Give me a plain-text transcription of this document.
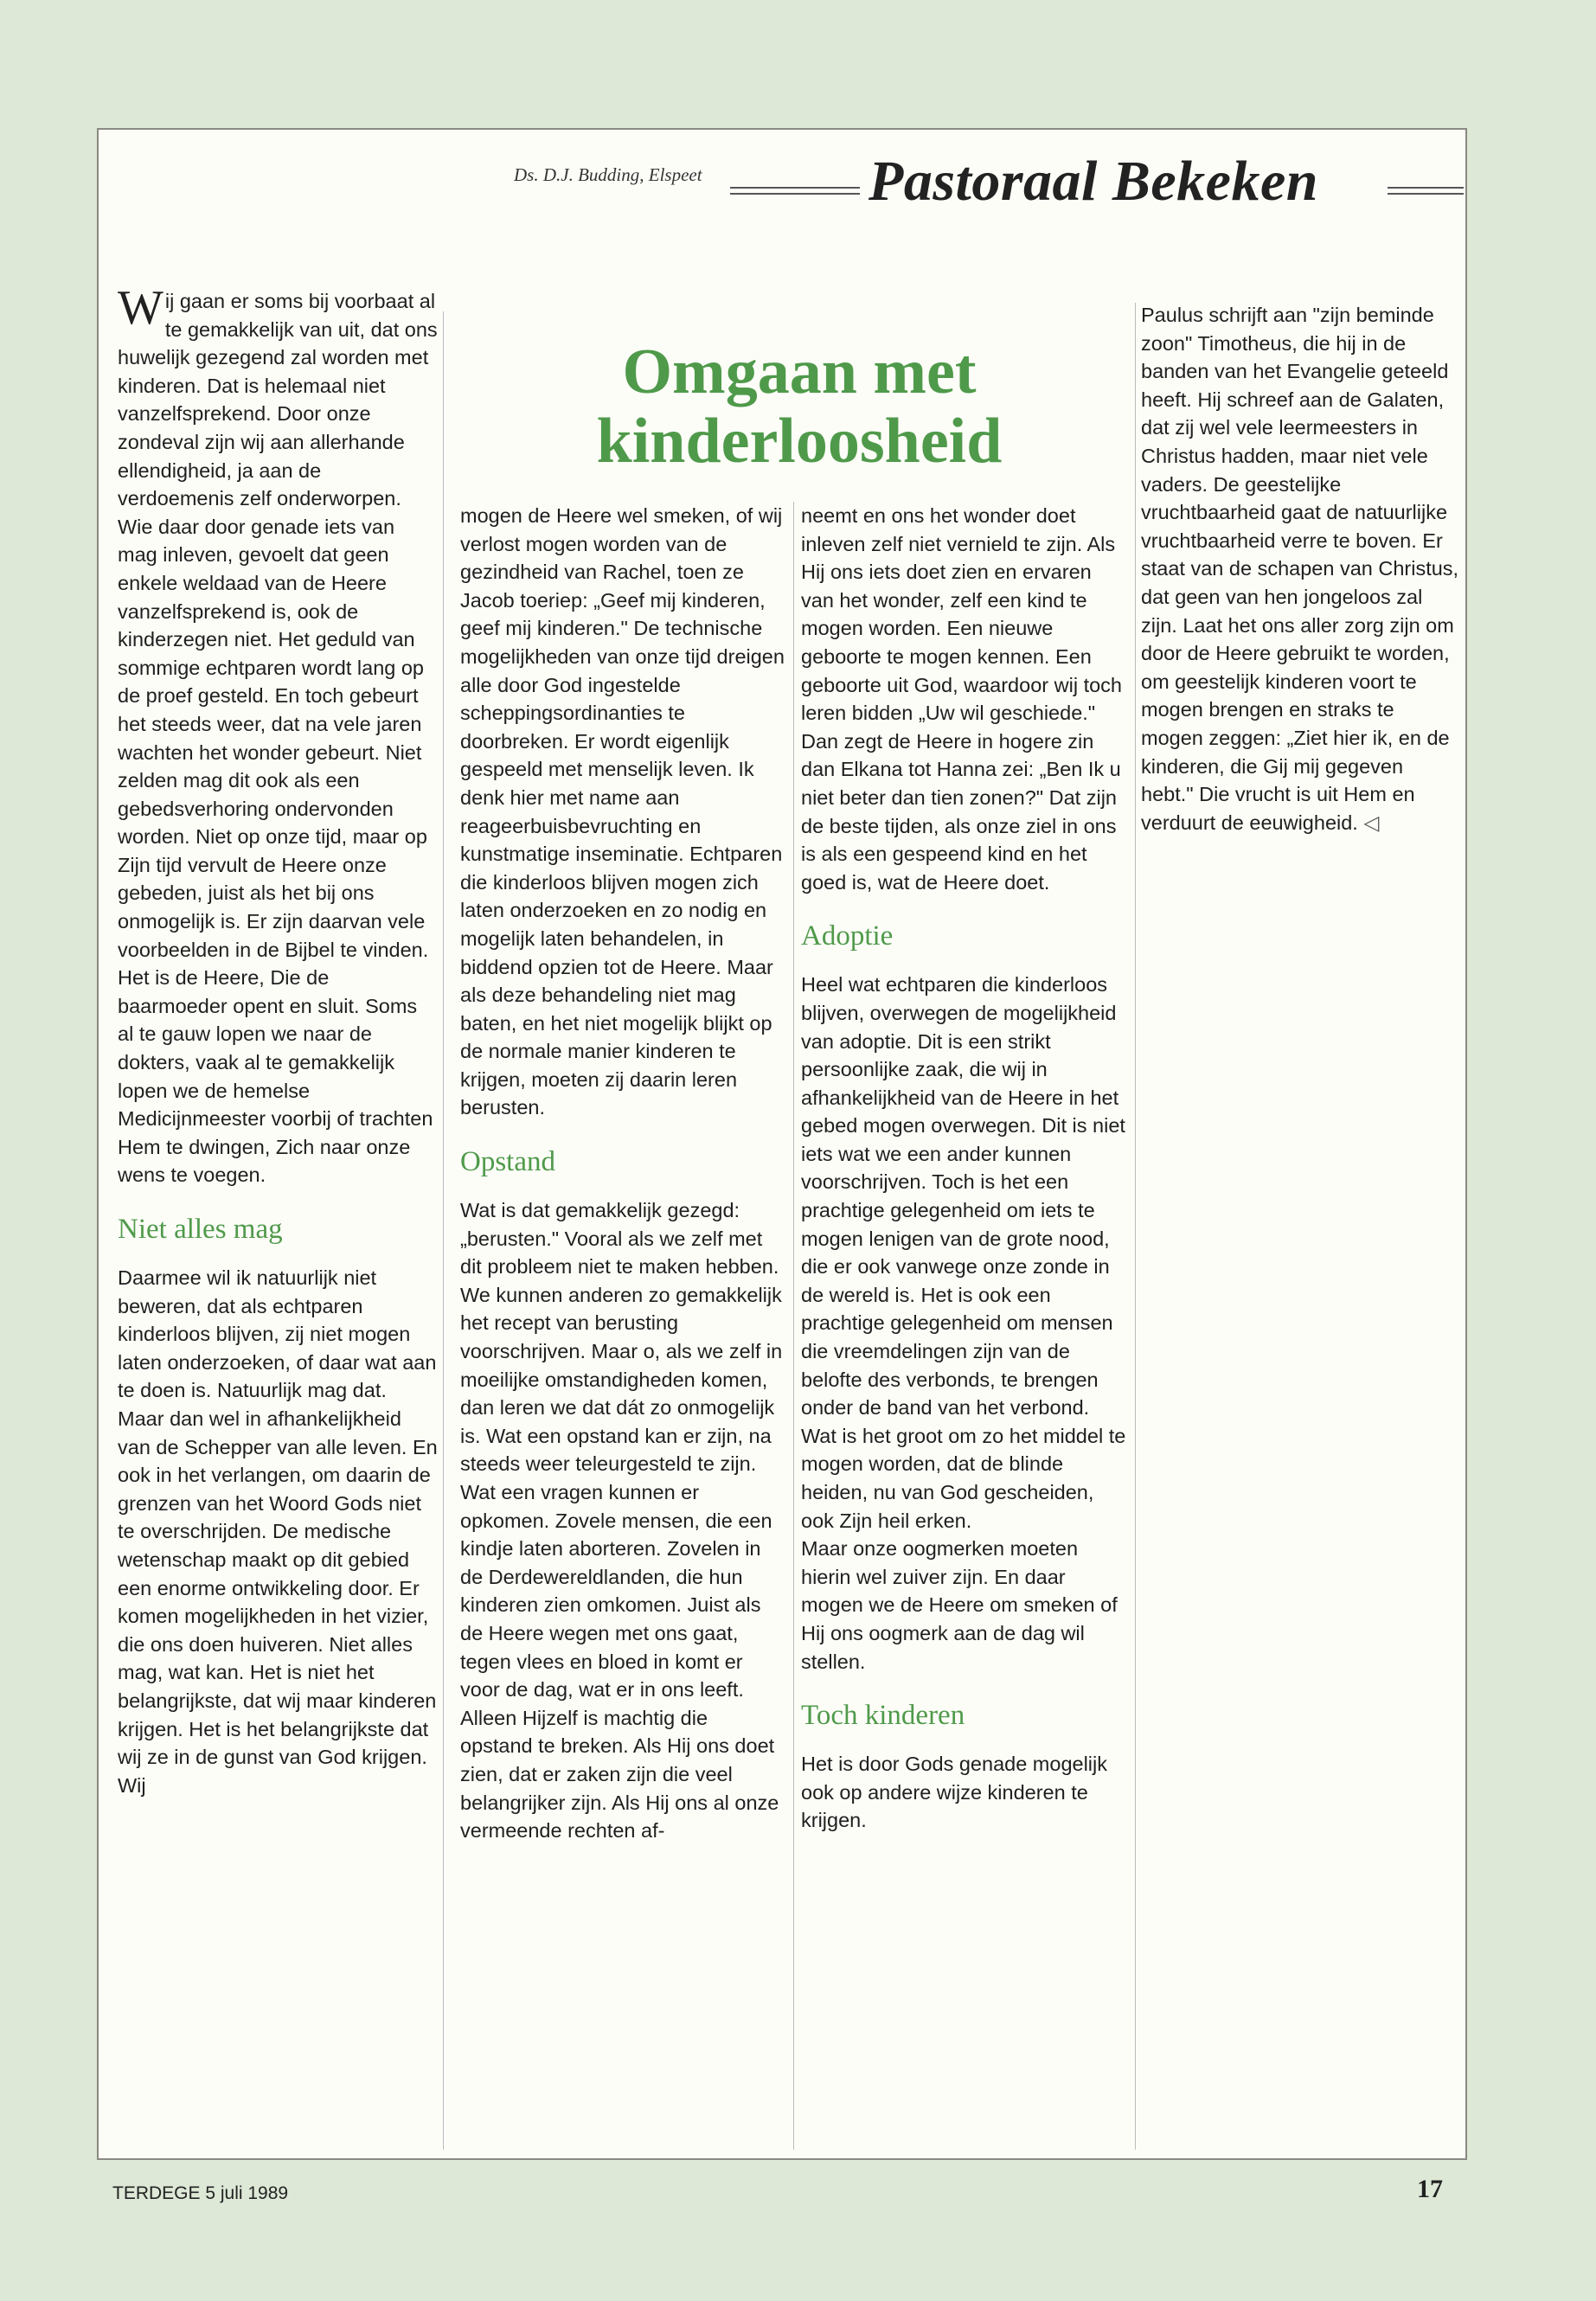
Ds. D.J. Budding, Elspeet	Pastoraal Bekeken
Omgaan met kinderloosheid

Wij gaan er soms bij voorbaat al te gemakkelijk van uit, dat ons huwelijk gezegend zal worden met kinderen. Dat is helemaal niet vanzelfsprekend. Door onze zondeval zijn wij aan allerhande ellendigheid, ja aan de verdoemenis zelf onderworpen. Wie daar door genade iets van mag inleven, gevoelt dat geen enkele weldaad van de Heere vanzelfsprekend is, ook de kinderzegen niet. Het geduld van sommige echtparen wordt lang op de proef gesteld. En toch gebeurt het steeds weer, dat na vele jaren wachten het wonder gebeurt. Niet zelden mag dit ook als een gebedsverhoring ondervonden worden. Niet op onze tijd, maar op Zijn tijd vervult de Heere onze gebeden, juist als het bij ons onmogelijk is. Er zijn daarvan vele voorbeelden in de Bijbel te vinden. Het is de Heere, Die de baarmoeder opent en sluit. Soms al te gauw lopen we naar de dokters, vaak al te gemakkelijk lopen we de hemelse Medicijnmeester voorbij of trachten Hem te dwingen, Zich naar onze wens te voegen.

Niet alles mag

Daarmee wil ik natuurlijk niet beweren, dat als echtparen kinderloos blijven, zij niet mogen laten onderzoeken, of daar wat aan te doen is. Natuurlijk mag dat. Maar dan wel in afhankelijkheid van de Schepper van alle leven. En ook in het verlangen, om daarin de grenzen van het Woord Gods niet te overschrijden. De medische wetenschap maakt op dit gebied een enorme ontwikkeling door. Er komen mogelijkheden in het vizier, die ons doen huiveren. Niet alles mag, wat kan. Het is niet het belangrijkste, dat wij maar kinderen krijgen. Het is het belangrijkste dat wij ze in de gunst van God krijgen. Wij

mogen de Heere wel smeken, of wij verlost mogen worden van de gezindheid van Rachel, toen ze Jacob toeriep: „Geef mij kinderen, geef mij kinderen." De technische mogelijkheden van onze tijd dreigen alle door God ingestelde scheppingsordinanties te doorbreken. Er wordt eigenlijk gespeeld met menselijk leven. Ik denk hier met name aan reageerbuisbevruchting en kunstmatige inseminatie. Echtparen die kinderloos blijven mogen zich laten onderzoeken en zo nodig en mogelijk laten behandelen, in biddend opzien tot de Heere. Maar als deze behandeling niet mag baten, en het niet mogelijk blijkt op de normale manier kinderen te krijgen, moeten zij daarin leren berusten.

Opstand

Wat is dat gemakkelijk gezegd: „berusten." Vooral als we zelf met dit probleem niet te maken hebben. We kunnen anderen zo gemakkelijk het recept van berusting voorschrijven. Maar o, als we zelf in moeilijke omstandigheden komen, dan leren we dat dát zo onmogelijk is. Wat een opstand kan er zijn, na steeds weer teleurgesteld te zijn. Wat een vragen kunnen er opkomen. Zovele mensen, die een kindje laten aborteren. Zovelen in de Derdewereldlanden, die hun kinderen zien omkomen. Juist als de Heere wegen met ons gaat, tegen vlees en bloed in komt er voor de dag, wat er in ons leeft. Alleen Hijzelf is machtig die opstand te breken. Als Hij ons doet zien, dat er zaken zijn die veel belangrijker zijn. Als Hij ons al onze vermeende rechten af-

neemt en ons het wonder doet inleven zelf niet vernield te zijn. Als Hij ons iets doet zien en ervaren van het wonder, zelf een kind te mogen worden. Een nieuwe geboorte te mogen kennen. Een geboorte uit God, waardoor wij toch leren bidden „Uw wil geschiede." Dan zegt de Heere in hogere zin dan Elkana tot Hanna zei: „Ben Ik u niet beter dan tien zonen?" Dat zijn de beste tijden, als onze ziel in ons is als een gespeend kind en het goed is, wat de Heere doet.

Adoptie

Heel wat echtparen die kinderloos blijven, overwegen de mogelijkheid van adoptie. Dit is een strikt persoonlijke zaak, die wij in afhankelijkheid van de Heere in het gebed mogen overwegen. Dit is niet iets wat we een ander kunnen voorschrijven. Toch is het een prachtige gelegenheid om iets te mogen lenigen van de grote nood, die er ook vanwege onze zonde in de wereld is. Het is ook een prachtige gelegenheid om mensen die vreemdelingen zijn van de belofte des verbonds, te brengen onder de band van het verbond. Wat is het groot om zo het middel te mogen worden, dat de blinde heiden, nu van God gescheiden, ook Zijn heil erken.

Maar onze oogmerken moeten hierin wel zuiver zijn. En daar mogen we de Heere om smeken of Hij ons oogmerk aan de dag wil stellen.

Toch kinderen

Het is door Gods genade mogelijk ook op andere wijze kinderen te krijgen.

Paulus schrijft aan "zijn beminde zoon" Timotheus, die hij in de banden van het Evangelie geteeld heeft. Hij schreef aan de Galaten, dat zij wel vele leermeesters in Christus hadden, maar niet vele vaders. De geestelijke vruchtbaarheid gaat de natuurlijke vruchtbaarheid verre te boven. Er staat van de schapen van Christus, dat geen van hen jongeloos zal zijn. Laat het ons aller zorg zijn om door de Heere gebruikt te worden, om geestelijk kinderen voort te mogen brengen en straks te mogen zeggen: „Ziet hier ik, en de kinderen, die Gij mij gegeven hebt." Die vrucht is uit Hem en verduurt de eeuwigheid. ◁

TERDEGE 5 juli 1989	17
